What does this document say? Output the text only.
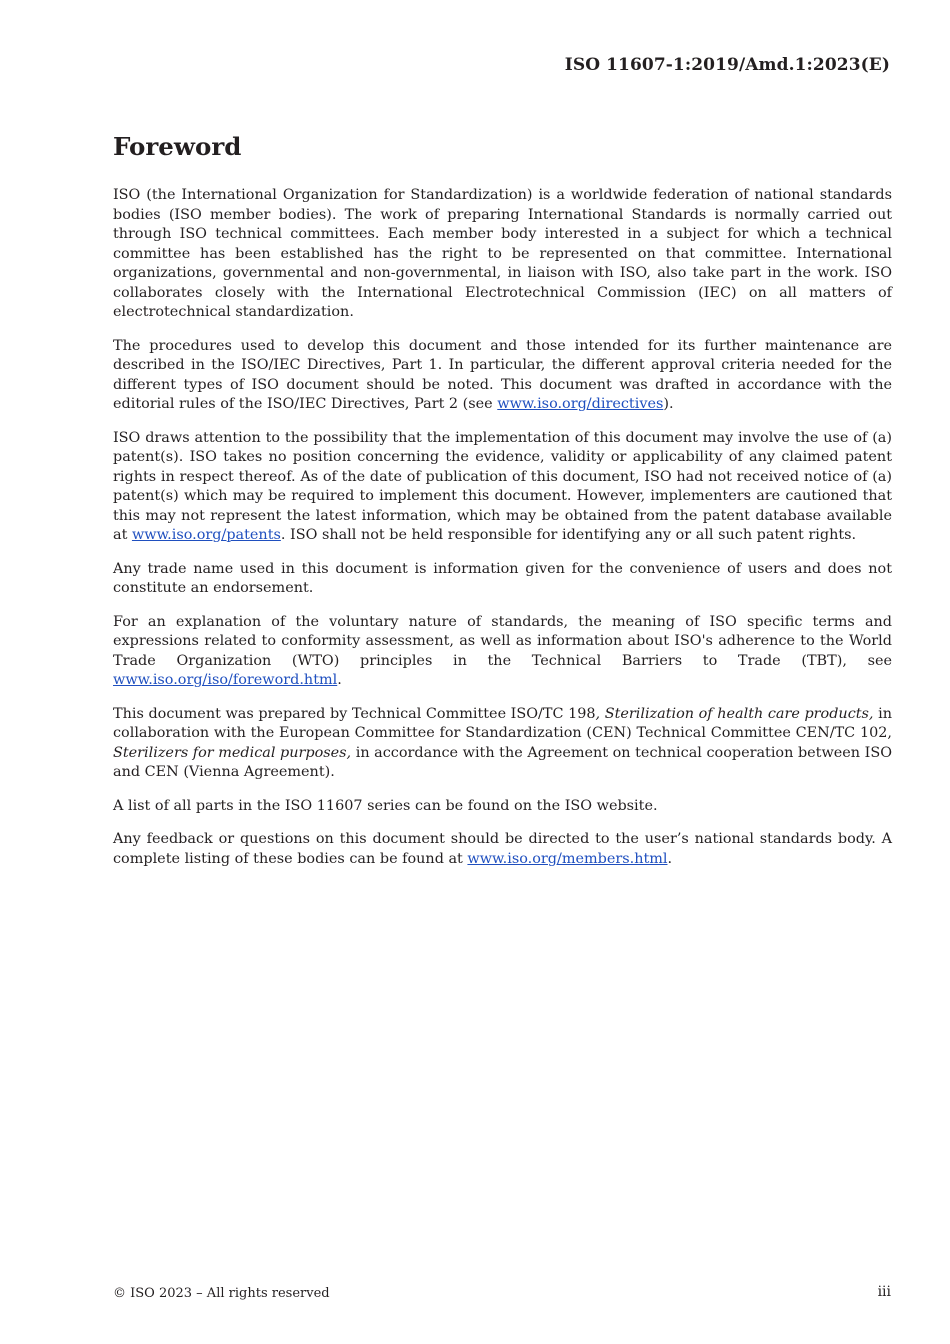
ISO 11607-1:2019/Amd.1:2023(E)
Foreword

ISO (the International Organization for Standardization) is a worldwide federation of national standards bodies (ISO member bodies). The work of preparing International Standards is normally carried out through ISO technical committees. Each member body interested in a subject for which a technical committee has been established has the right to be represented on that committee. International organizations, governmental and non-governmental, in liaison with ISO, also take part in the work. ISO collaborates closely with the International Electrotechnical Commission (IEC) on all matters of electrotechnical standardization.

The procedures used to develop this document and those intended for its further maintenance are described in the ISO/IEC Directives, Part 1. In particular, the different approval criteria needed for the different types of ISO document should be noted. This document was drafted in accordance with the editorial rules of the ISO/IEC Directives, Part 2 (see www.iso.org/directives).

ISO draws attention to the possibility that the implementation of this document may involve the use of (a) patent(s). ISO takes no position concerning the evidence, validity or applicability of any claimed patent rights in respect thereof. As of the date of publication of this document, ISO had not received notice of (a) patent(s) which may be required to implement this document. However, implementers are cautioned that this may not represent the latest information, which may be obtained from the patent database available at www.iso.org/patents. ISO shall not be held responsible for identifying any or all such patent rights.

Any trade name used in this document is information given for the convenience of users and does not constitute an endorsement.

For an explanation of the voluntary nature of standards, the meaning of ISO specific terms and expressions related to conformity assessment, as well as information about ISO's adherence to the World Trade Organization (WTO) principles in the Technical Barriers to Trade (TBT), see www.iso.org/iso/foreword.html.

This document was prepared by Technical Committee ISO/TC 198, Sterilization of health care products, in collaboration with the European Committee for Standardization (CEN) Technical Committee CEN/TC 102, Sterilizers for medical purposes, in accordance with the Agreement on technical cooperation between ISO and CEN (Vienna Agreement).

A list of all parts in the ISO 11607 series can be found on the ISO website.

Any feedback or questions on this document should be directed to the user’s national standards body. A complete listing of these bodies can be found at www.iso.org/members.html.

© ISO 2023 – All rights reserved	iii
